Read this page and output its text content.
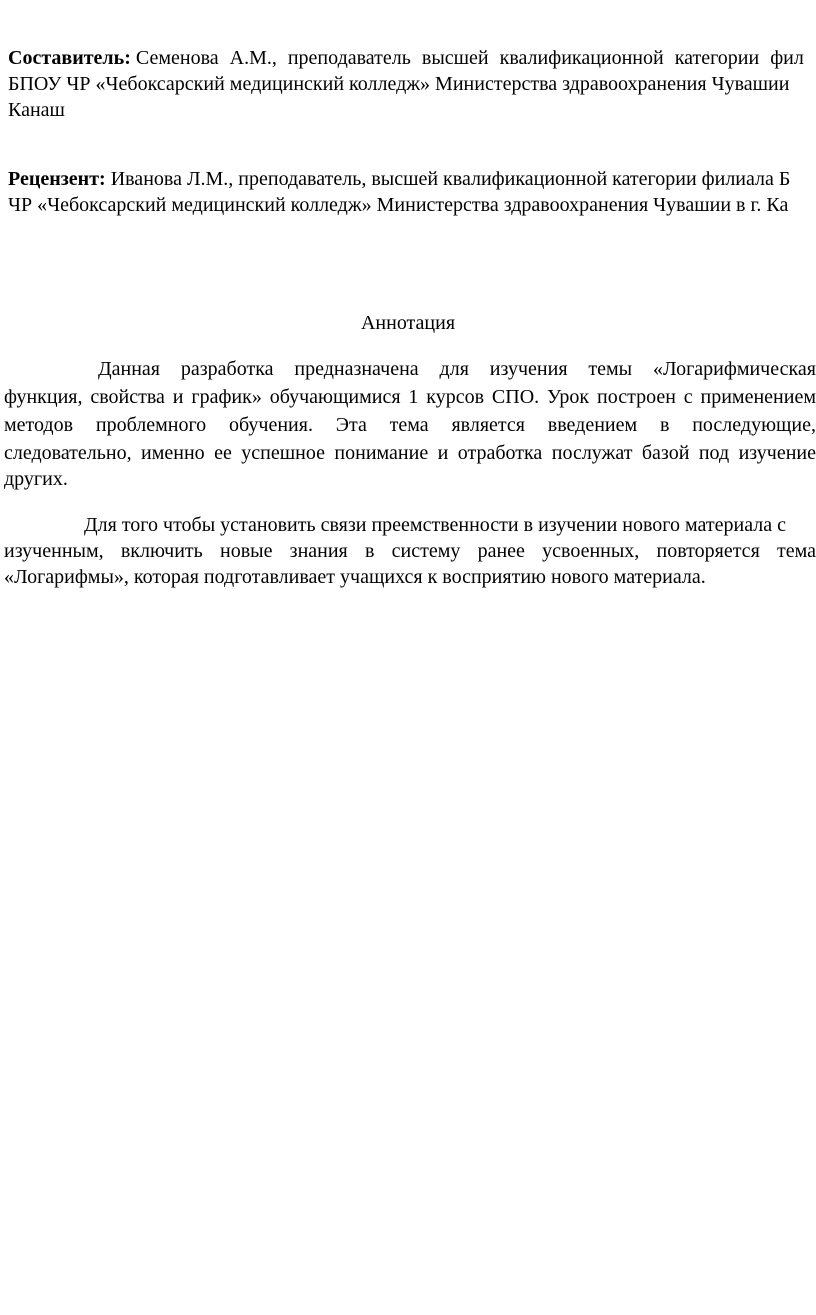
Составитель: Семенова А.М., преподаватель высшей квалификационной категории фил
БПОУ ЧР «Чебоксарский медицинский колледж» Министерства здравоохранения Чувашии
Канаш
Рецензент: Иванова Л.М., преподаватель, высшей квалификационной категории филиала Б
ЧР «Чебоксарский медицинский колледж» Министерства здравоохранения Чувашии в г. Ка
Аннотация
Данная разработка предназначена для изучения темы «Логарифмическая
функция, свойства и график» обучающимися 1 курсов СПО. Урок построен с применением
методов проблемного обучения. Эта тема является введением в последующие,
следовательно, именно ее успешное понимание и отработка послужат базой под изучение
других.
Для того чтобы установить связи преемственности в изучении нового материала с
изученным, включить новые знания в систему ранее усвоенных, повторяется тема
«Логарифмы», которая подготавливает учащихся к восприятию нового материала.
